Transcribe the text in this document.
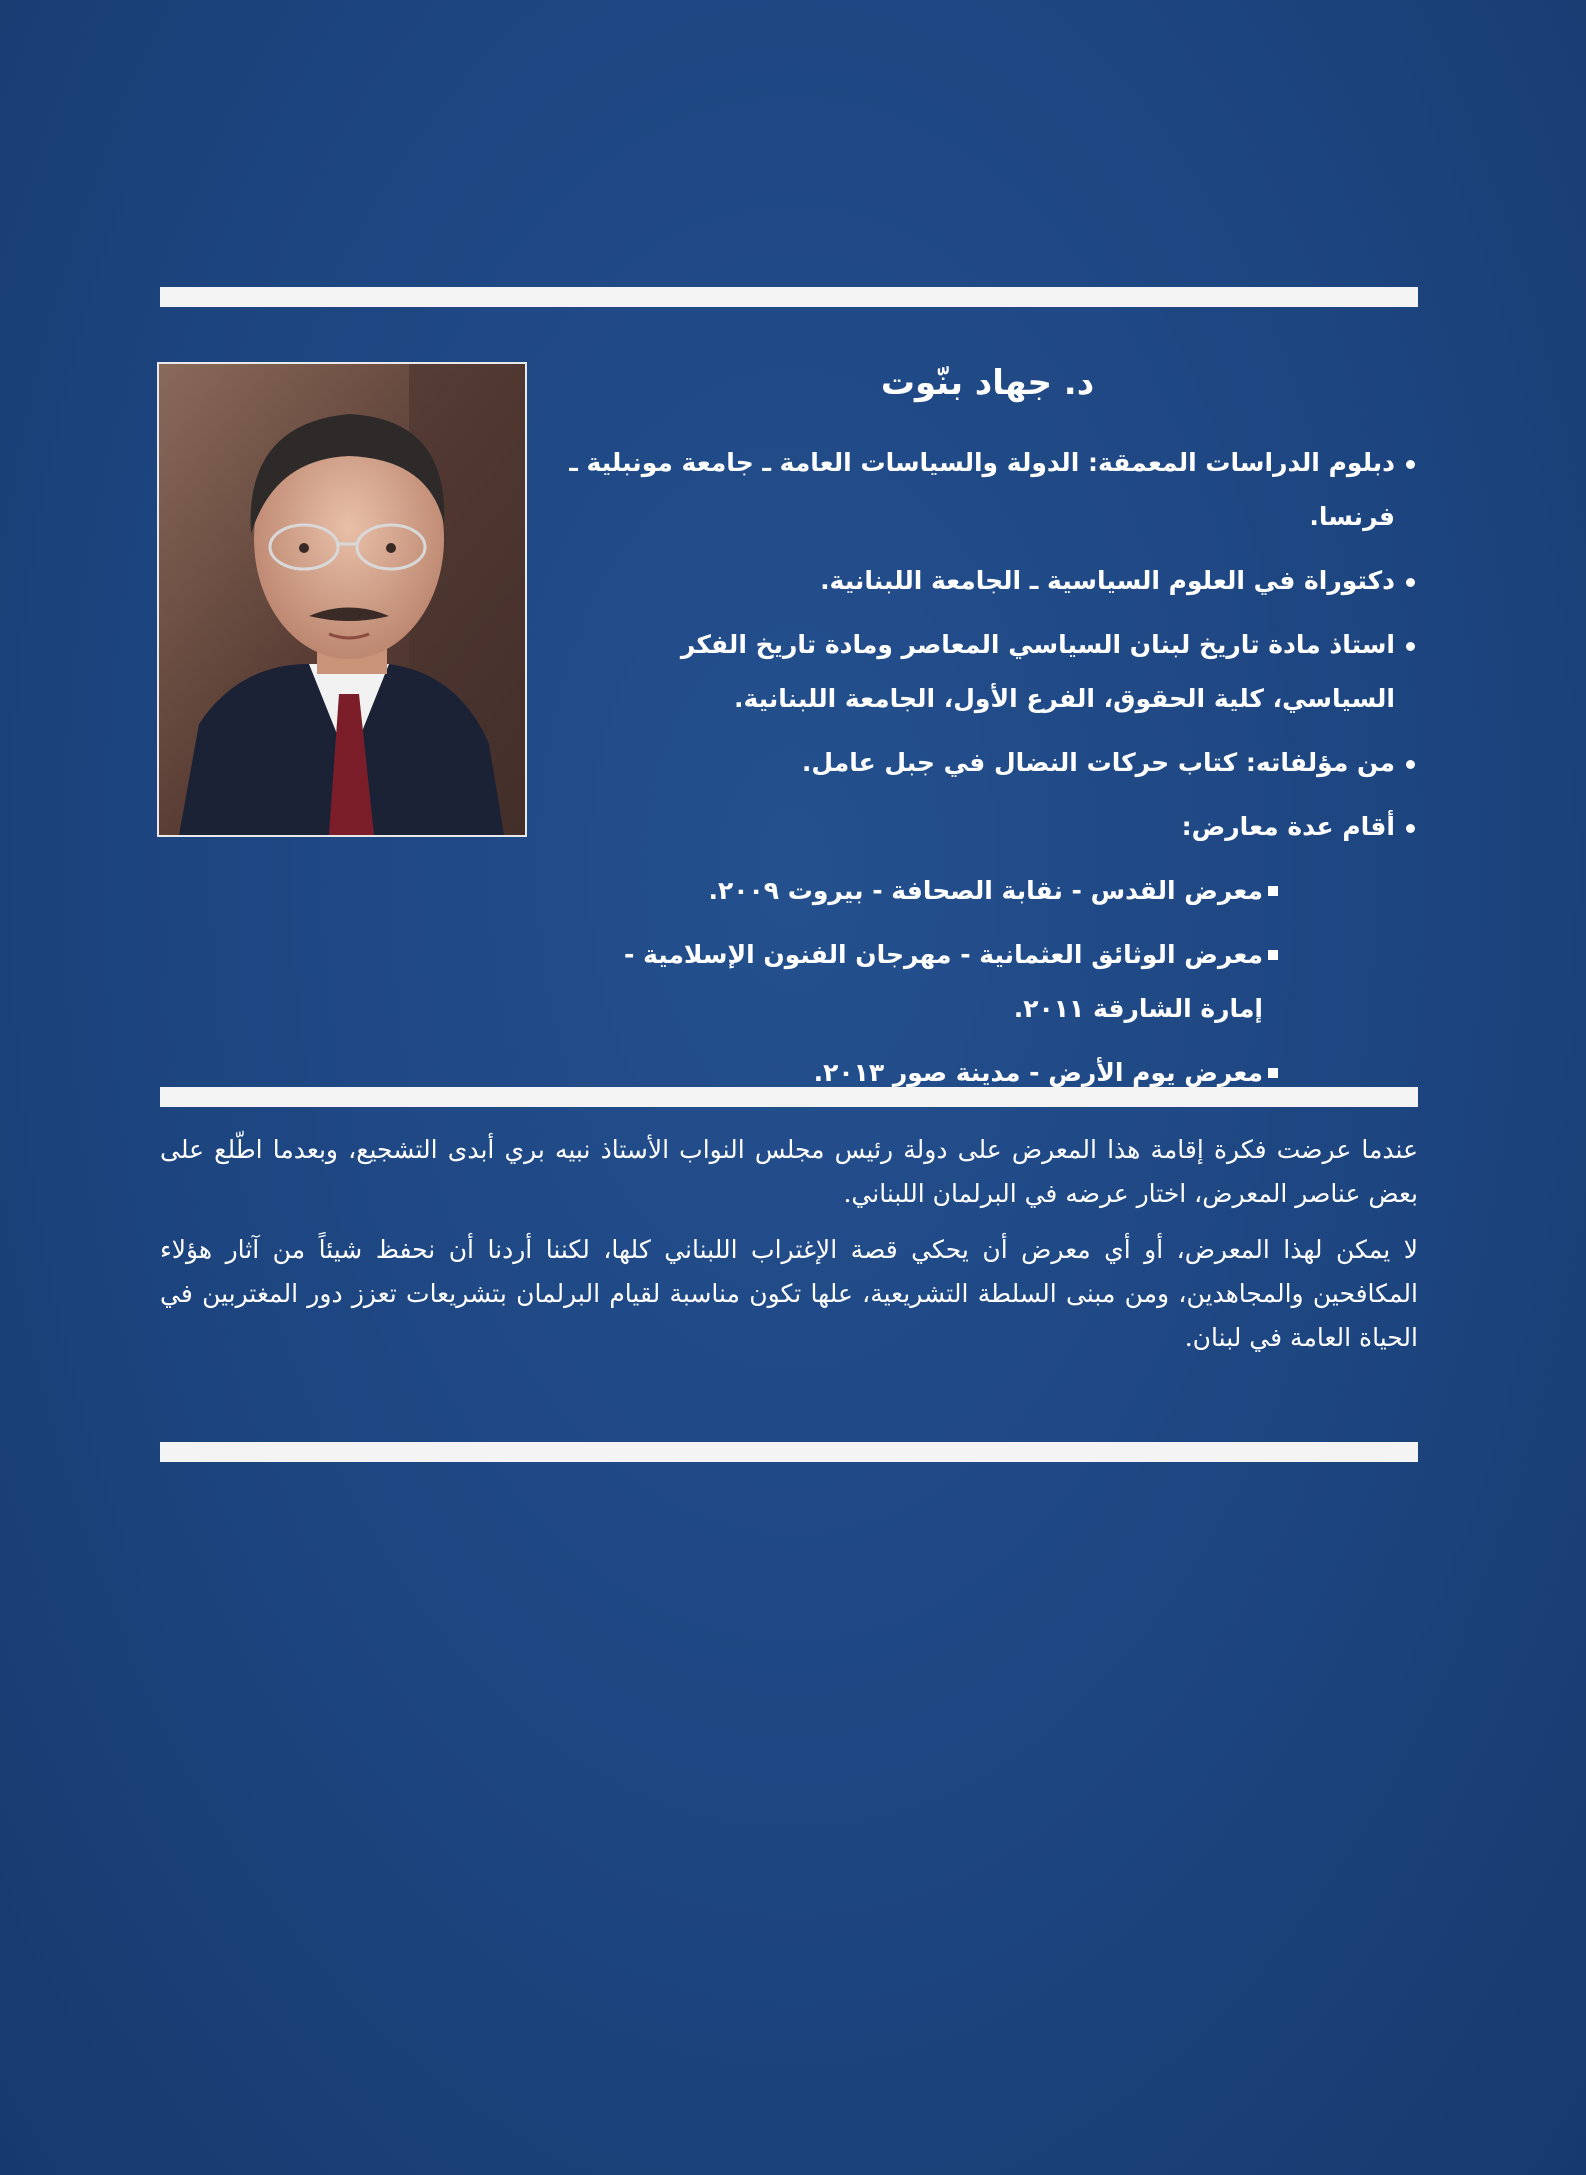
د. جهاد بنّوت
دبلوم الدراسات المعمقة: الدولة والسياسات العامة ـ جامعة مونبلية ـ فرنسا.
دكتوراة في العلوم السياسية ـ الجامعة اللبنانية.
استاذ مادة تاريخ لبنان السياسي المعاصر ومادة تاريخ الفكر السياسي، كلية الحقوق، الفرع الأول، الجامعة اللبنانية.
من مؤلفاته: كتاب حركات النضال في جبل عامل.
أقام عدة معارض:
معرض القدس - نقابة الصحافة - بيروت ٢٠٠٩.
معرض الوثائق العثمانية - مهرجان الفنون الإسلامية - إمارة الشارقة ٢٠١١.
معرض يوم الأرض - مدينة صور ٢٠١٣.

عندما عرضت فكرة إقامة هذا المعرض على دولة رئيس مجلس النواب الأستاذ نبيه بري أبدى التشجيع، وبعدما اطّلع على بعض عناصر المعرض، اختار عرضه في البرلمان اللبناني.

لا يمكن لهذا المعرض، أو أي معرض أن يحكي قصة الإغتراب اللبناني كلها، لكننا أردنا أن نحفظ شيئاً من آثار هؤلاء المكافحين والمجاهدين، ومن مبنى السلطة التشريعية، علها تكون مناسبة لقيام البرلمان بتشريعات تعزز دور المغتربين في الحياة العامة في لبنان.
